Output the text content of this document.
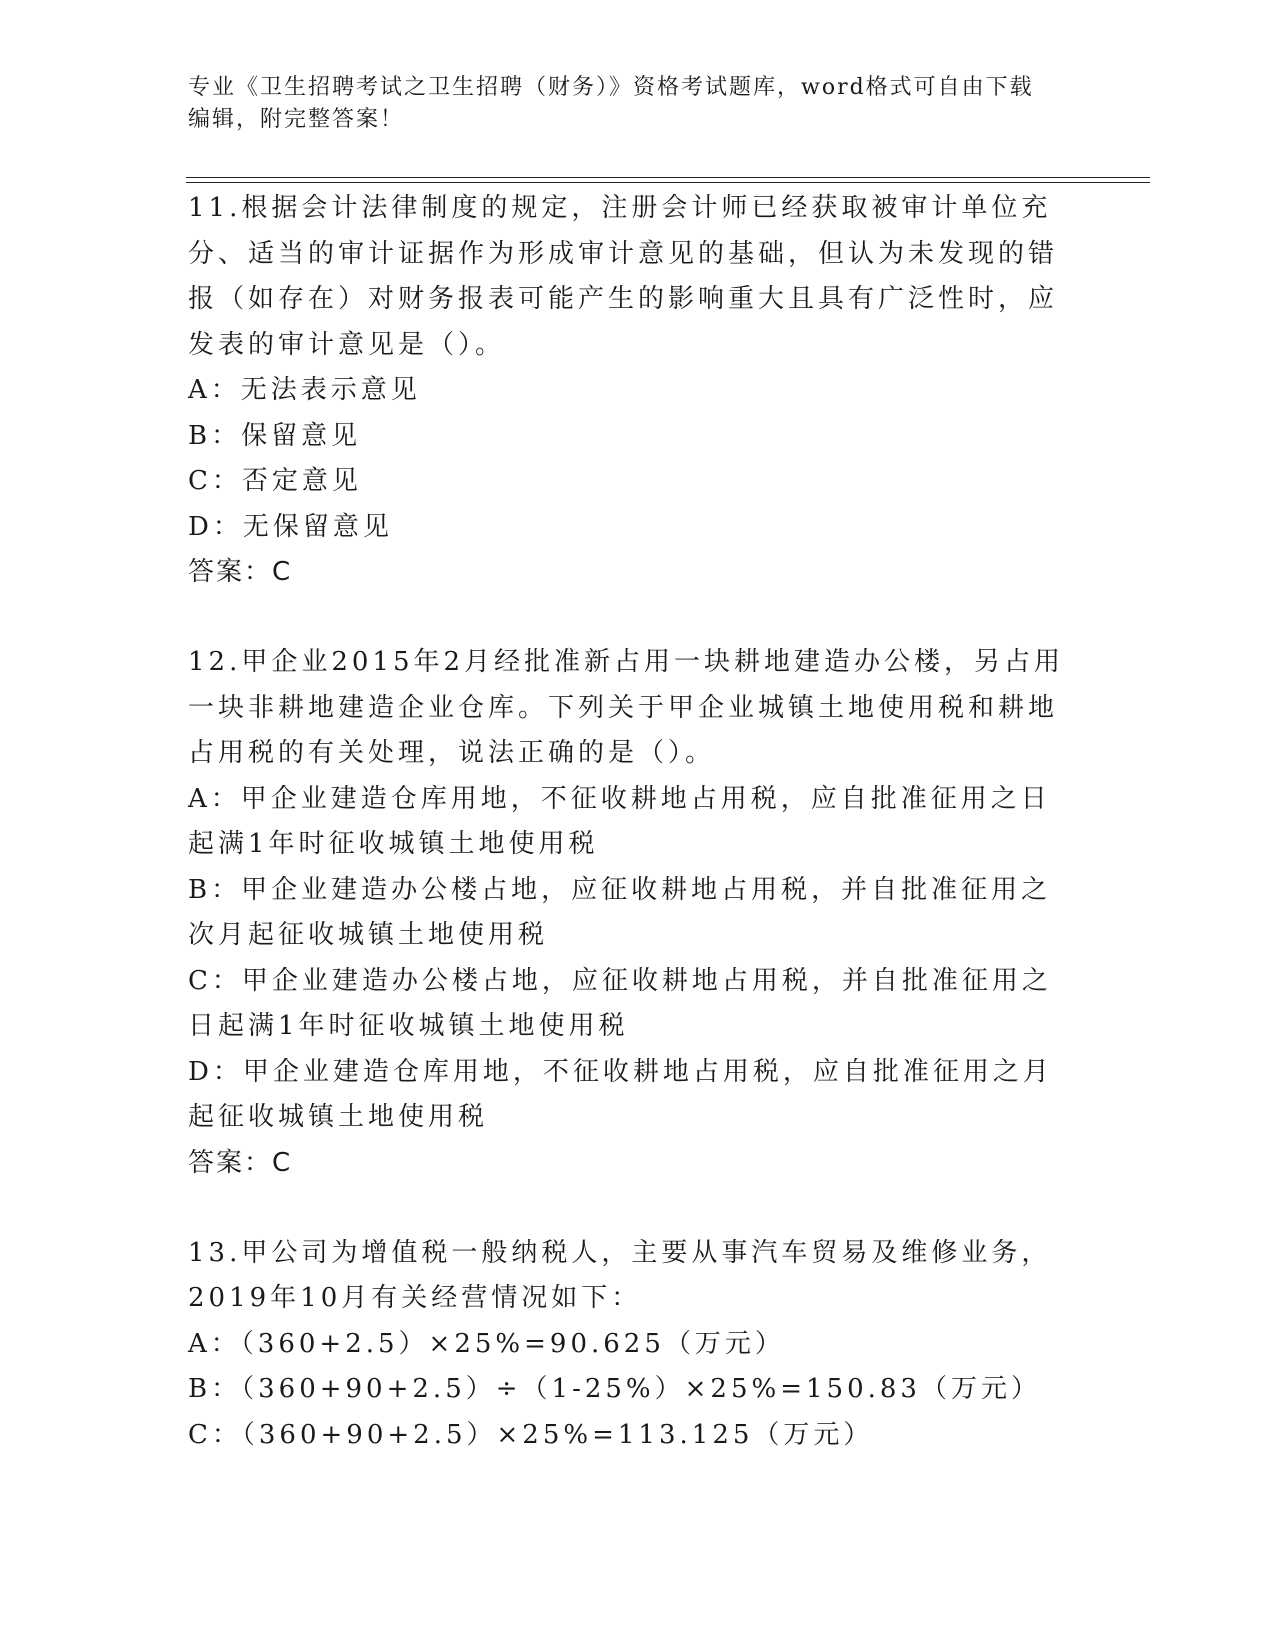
专业《卫生招聘考试之卫生招聘（财务）》资格考试题库，word格式可自由下载
编辑，附完整答案！
11.根据会计法律制度的规定，注册会计师已经获取被审计单位充分、适当的审计证据作为形成审计意见的基础，但认为未发现的错报（如存在）对财务报表可能产生的影响重大且具有广泛性时，应发表的审计意见是（）。
A：无法表示意见
B：保留意见
C：否定意见
D：无保留意见
答案：C
12.甲企业2015年2月经批准新占用一块耕地建造办公楼，另占用一块非耕地建造企业仓库。下列关于甲企业城镇土地使用税和耕地占用税的有关处理，说法正确的是（）。
A：甲企业建造仓库用地，不征收耕地占用税，应自批准征用之日起满1年时征收城镇土地使用税
B：甲企业建造办公楼占地，应征收耕地占用税，并自批准征用之次月起征收城镇土地使用税
C：甲企业建造办公楼占地，应征收耕地占用税，并自批准征用之日起满1年时征收城镇土地使用税
D：甲企业建造仓库用地，不征收耕地占用税，应自批准征用之月起征收城镇土地使用税
答案：C
13.甲公司为增值税一般纳税人，主要从事汽车贸易及维修业务，2019年10月有关经营情况如下：
A：（360+2.5）×25%=90.625（万元）
B：（360+90+2.5）÷（1-25%）×25%=150.83（万元）
C：（360+90+2.5）×25%=113.125（万元）
